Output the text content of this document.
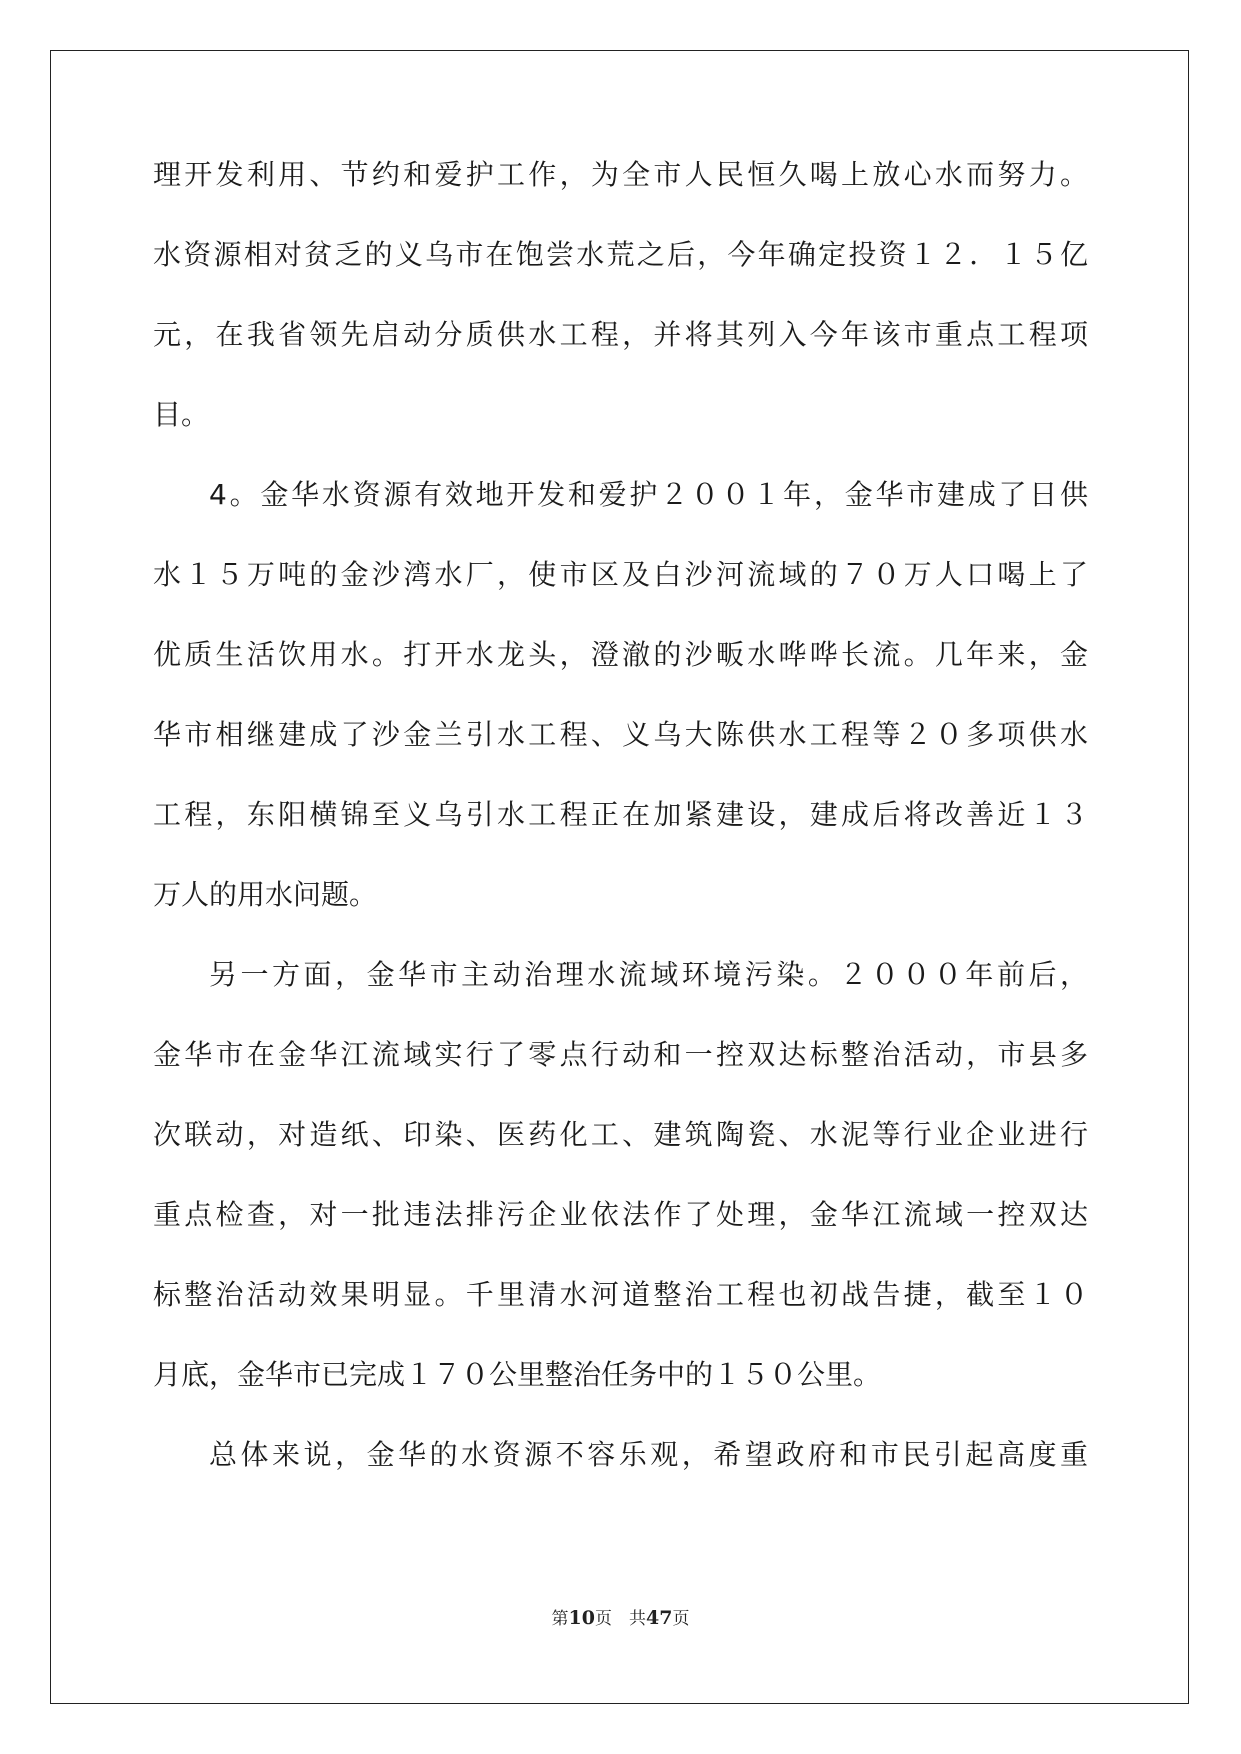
理开发利用、节约和爱护工作，为全市人民恒久喝上放心水而努力。
水资源相对贫乏的义乌市在饱尝水荒之后，今年确定投资１２．１５亿
元，在我省领先启动分质供水工程，并将其列入今年该市重点工程项
目。
4。金华水资源有效地开发和爱护２００１年，金华市建成了日供
水１５万吨的金沙湾水厂，使市区及白沙河流域的７０万人口喝上了
优质生活饮用水。打开水龙头，澄澈的沙畈水哗哗长流。几年来，金
华市相继建成了沙金兰引水工程、义乌大陈供水工程等２０多项供水
工程，东阳横锦至义乌引水工程正在加紧建设，建成后将改善近１３
万人的用水问题。
另一方面，金华市主动治理水流域环境污染。２０００年前后，
金华市在金华江流域实行了零点行动和一控双达标整治活动，市县多
次联动，对造纸、印染、医药化工、建筑陶瓷、水泥等行业企业进行
重点检查，对一批违法排污企业依法作了处理，金华江流域一控双达
标整治活动效果明显。千里清水河道整治工程也初战告捷，截至１０
月底，金华市已完成１７０公里整治任务中的１５０公里。
总体来说，金华的水资源不容乐观，希望政府和市民引起高度重
第10页　共47页
